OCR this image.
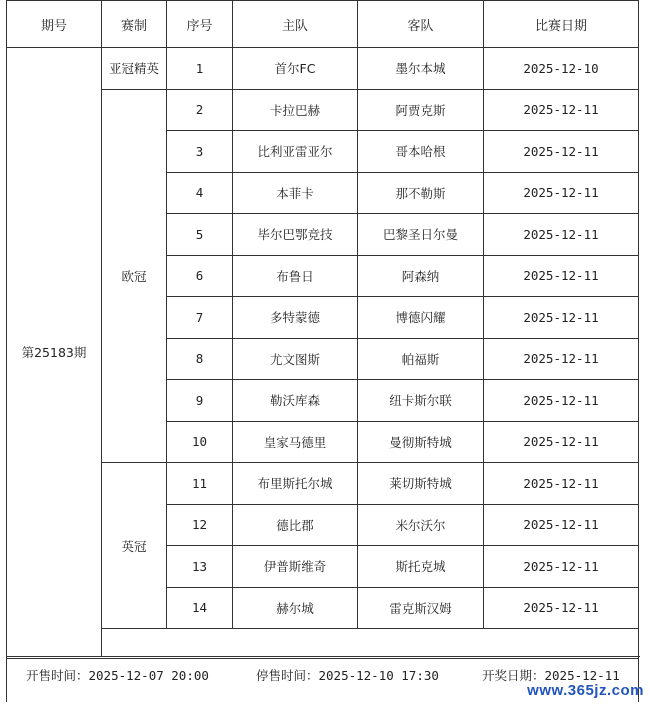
期号	赛制	序号	主队	客队	比赛日期
第25183期	亚冠精英	1	首尔FC	墨尔本城	2025-12-10
	欧冠	2	卡拉巴赫	阿贾克斯	2025-12-11
		3	比利亚雷亚尔	哥本哈根	2025-12-11
		4	本菲卡	那不勒斯	2025-12-11
		5	毕尔巴鄂竞技	巴黎圣日尔曼	2025-12-11
		6	布鲁日	阿森纳	2025-12-11
		7	多特蒙德	博德闪耀	2025-12-11
		8	尤文图斯	帕福斯	2025-12-11
		9	勒沃库森	纽卡斯尔联	2025-12-11
		10	皇家马德里	曼彻斯特城	2025-12-11
	英冠	11	布里斯托尔城	莱切斯特城	2025-12-11
		12	德比郡	米尔沃尔	2025-12-11
		13	伊普斯维奇	斯托克城	2025-12-11
		14	赫尔城	雷克斯汉姆	2025-12-11

开售时间：2025-12-07 20:00	停售时间：2025-12-10 17:30	开奖日期：2025-12-11
www.365jz.com
